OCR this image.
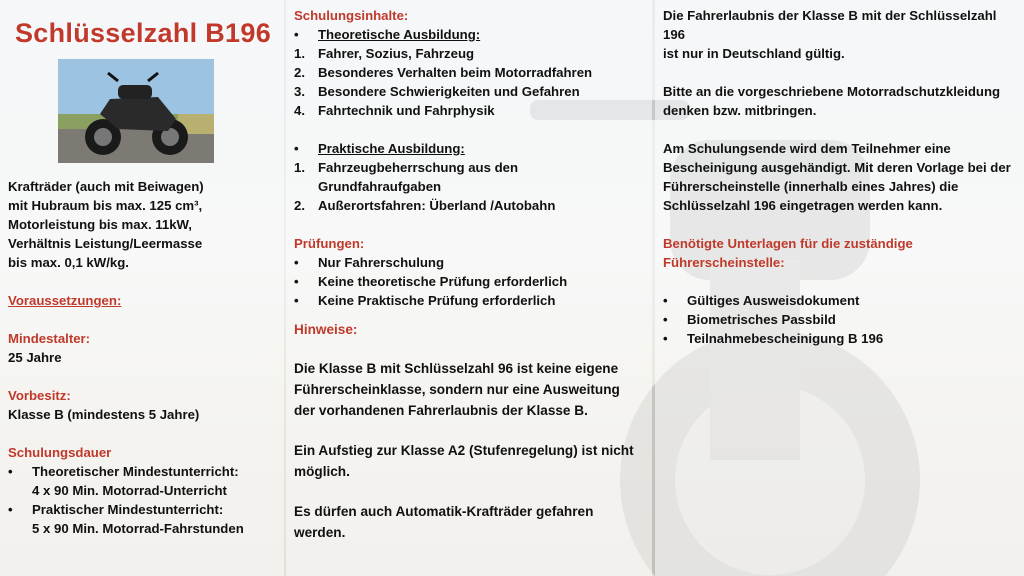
Schlüsselzahl B196

Krafträder (auch mit Beiwagen)

mit Hubraum bis max. 125 cm³,

Motorleistung bis max. 11kW,

Verhältnis Leistung/Leermasse

bis max. 0,1 kW/kg.

Voraussetzungen:

Mindestalter:

25 Jahre

Vorbesitz:

Klasse B (mindestens 5 Jahre)

Schulungsdauer

• Theoretischer Mindestunterricht:
4 x 90 Min. Motorrad-Unterricht
• Praktischer Mindestunterricht:
5 x 90 Min. Motorrad-Fahrstunden

Schulungsinhalte:

• Theoretische Ausbildung:
1. Fahrer, Sozius, Fahrzeug
2. Besonderes Verhalten beim Motorradfahren
3. Besondere Schwierigkeiten und Gefahren
4. Fahrtechnik und Fahrphysik
• Praktische Ausbildung:
1. Fahrzeugbeherrschung aus den
Grundfahraufgaben
2. Außerortsfahren: Überland /Autobahn

Prüfungen:

• Nur Fahrerschulung
• Keine theoretische Prüfung erforderlich
• Keine Praktische Prüfung erforderlich

Hinweise:

Die Klasse B mit Schlüsselzahl 96 ist keine eigene

Führerscheinklasse, sondern nur eine Ausweitung

der vorhandenen Fahrerlaubnis der Klasse B.

Ein Aufstieg zur Klasse A2 (Stufenregelung) ist nicht

möglich.

Es dürfen auch Automatik-Krafträder gefahren

werden.

Die Fahrerlaubnis der Klasse B mit der Schlüsselzahl 196

ist nur in Deutschland gültig.

Bitte an die vorgeschriebene Motorradschutzkleidung

denken bzw. mitbringen.

Am Schulungsende wird dem Teilnehmer eine

Bescheinigung ausgehändigt. Mit deren Vorlage bei der

Führerscheinstelle (innerhalb eines Jahres) die

Schlüsselzahl 196 eingetragen werden kann.

Benötigte Unterlagen für die zuständige

Führerscheinstelle:

• Gültiges Ausweisdokument
• Biometrisches Passbild
• Teilnahmebescheinigung B 196
